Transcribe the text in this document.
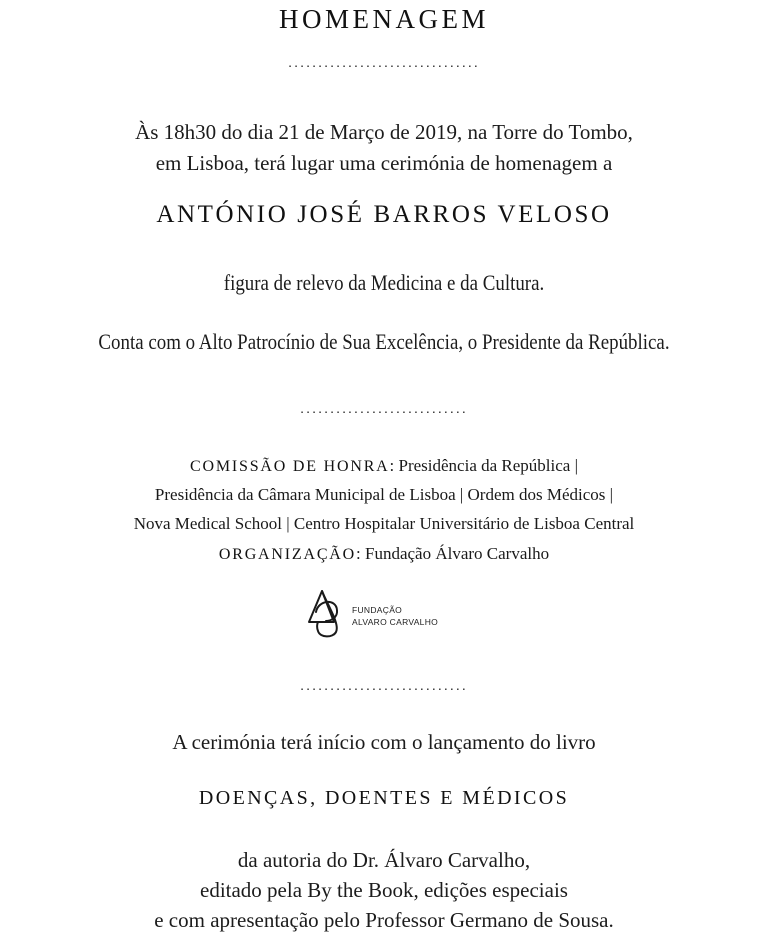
HOMENAGEM
................................
Às 18h30 do dia 21 de Março de 2019, na Torre do Tombo,
em Lisboa, terá lugar uma cerimónia de homenagem a
ANTÓNIO JOSÉ BARROS VELOSO
figura de relevo da Medicina e da Cultura.
Conta com o Alto Patrocínio de Sua Excelência, o Presidente da República.
............................
COMISSÃO DE HONRA: Presidência da República |
Presidência da Câmara Municipal de Lisboa | Ordem dos Médicos |
Nova Medical School | Centro Hospitalar Universitário de Lisboa Central
ORGANIZAÇÃO: Fundação Álvaro Carvalho
FUNDAÇÃO
ALVARO CARVALHO
............................
A cerimónia terá início com o lançamento do livro
DOENÇAS, DOENTES E MÉDICOS
da autoria do Dr. Álvaro Carvalho,
editado pela By the Book, edições especiais
e com apresentação pelo Professor Germano de Sousa.
